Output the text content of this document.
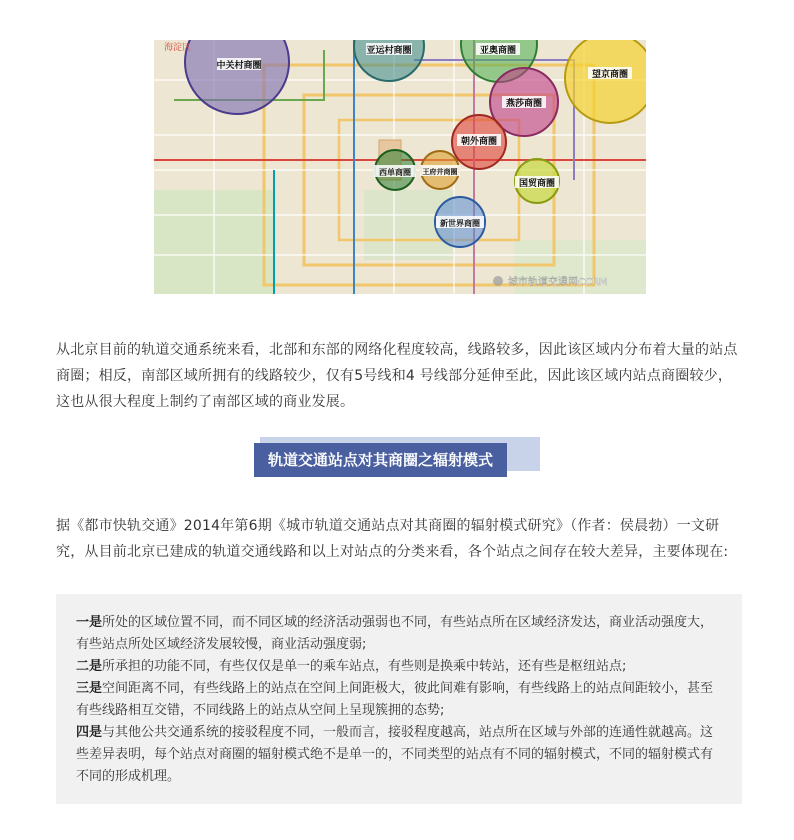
海淀区
中关村商圈
亚运村商圈	亚奥商圈
望京商圈
燕莎商圈
朝外商圈
西单商圈 王府井商圈
国贸商圈
新世界商圈
城市轨道交通网CCRM

从北京目前的轨道交通系统来看，北部和东部的网络化程度较高，线路较多，因此该区域内分布着大量的站点商圈；相反，南部区域所拥有的线路较少，仅有5号线和4 号线部分延伸至此，因此该区域内站点商圈较少，这也从很大程度上制约了南部区域的商业发展。

轨道交通站点对其商圈之辐射模式

据《都市快轨交通》2014年第6期《城市轨道交通站点对其商圈的辐射模式研究》（作者：侯晨勃）一文研究，从目前北京已建成的轨道交通线路和以上对站点的分类来看，各个站点之间存在较大差异，主要体现在:

一是所处的区域位置不同，而不同区域的经济活动强弱也不同，有些站点所在区域经济发达，商业活动强度大，有些站点所处区域经济发展较慢，商业活动强度弱;

二是所承担的功能不同，有些仅仅是单一的乘车站点，有些则是换乘中转站，还有些是枢纽站点;

三是空间距离不同，有些线路上的站点在空间上间距极大，彼此间难有影响，有些线路上的站点间距较小，甚至有些线路相互交错，不同线路上的站点从空间上呈现簇拥的态势;

四是与其他公共交通系统的接驳程度不同，一般而言，接驳程度越高，站点所在区域与外部的连通性就越高。这些差异表明，每个站点对商圈的辐射模式绝不是单一的，不同类型的站点有不同的辐射模式，不同的辐射模式有不同的形成机理。
